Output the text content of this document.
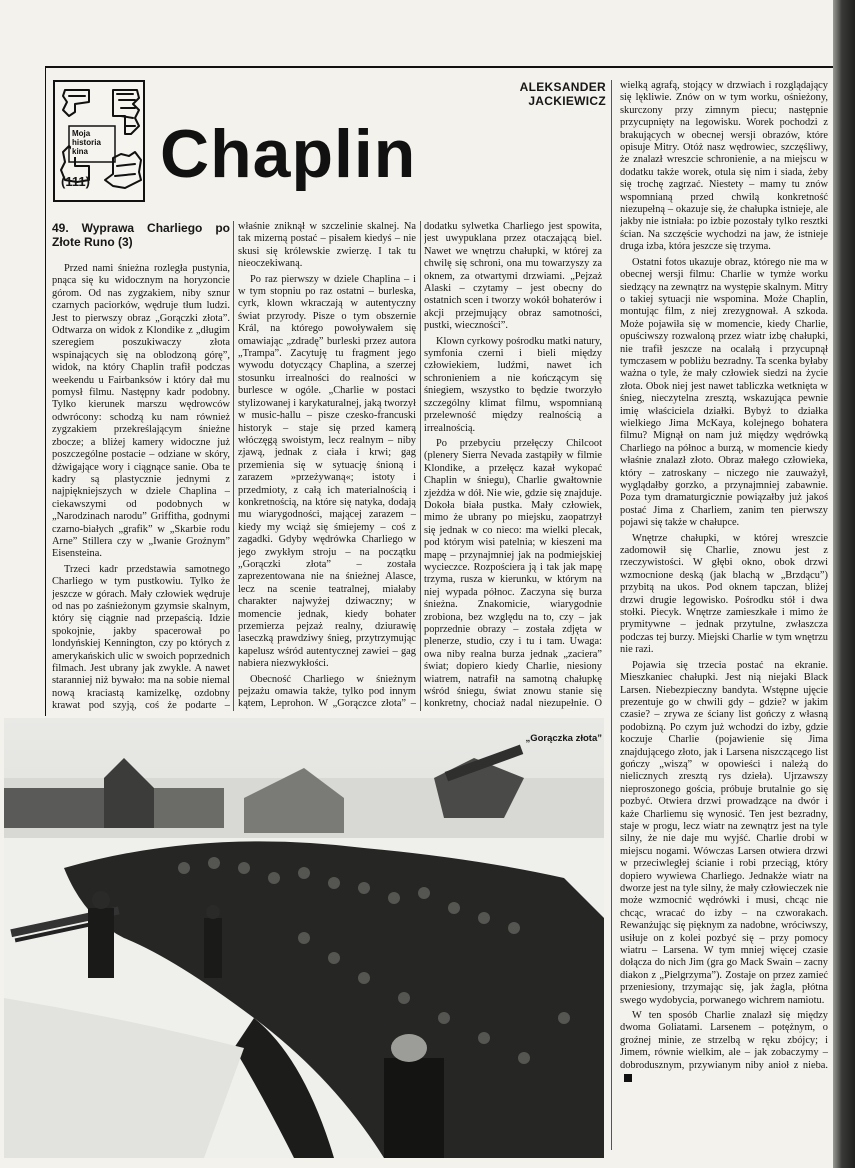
Moja historia kina
(111) Chaplin
ALEKSANDER
JACKIEWICZ
49. Wyprawa Charliego po Złote Runo (3)

Przed nami śnieżna rozległa pustynia, pnąca się ku widocznym na horyzoncie górom. Od nas zygzakiem, niby sznur czarnych paciorków, wędruje tłum ludzi. Jest to pierwszy obraz „Gorączki złota”. Odtwarza on widok z Klondike z „długim szeregiem poszukiwaczy złota wspinających się na oblodzoną górę”, widok, na który Chaplin trafił podczas weekendu u Fairbanksów i który dał mu pomysł filmu. Następny kadr podobny. Tylko kierunek marszu wędrowców odwrócony: schodzą ku nam również zygzakiem przekreślającym śnieżne zbocze; a bliżej kamery widoczne już poszczególne postacie – odziane w skóry, dźwigające wory i ciągnące sanie. Oba te kadry są plastycznie jednymi z najpiękniejszych w dziele Chaplina – ciekawszymi od podobnych w „Narodzinach narodu” Griffitha, godnymi czarno-białych „grafik” w „Skarbie rodu Arne” Stillera czy w „Iwanie Groźnym” Eisensteina.

Trzeci kadr przedstawia samotnego Charliego w tym pustkowiu. Tylko że jeszcze w górach. Mały człowiek wędruje od nas po zaśnieżonym gzymsie skalnym, który się ciągnie nad przepaścią. Idzie spokojnie, jakby spacerował po londyńskiej Kennington, czy po których z amerykańskich ulic w swoich poprzednich filmach. Jest ubrany jak zwykle. A nawet staranniej niż bywało: ma na sobie niemal nową kraciastą kamizelkę, ozdobny krawat pod szyją, coś że podarte –

właśnie zniknął w szczelinie skalnej. Na tak mizerną postać – pisałem kiedyś – nie skusi się królewskie zwierzę. I tak tu nieoczekiwaną.

Po raz pierwszy w dziele Chaplina – i w tym stopniu po raz ostatni – burleska, cyrk, klown wkraczają w autentyczny świat przyrody. Pisze o tym obszernie Král, na którego powoływałem się omawiając „zdradę” burleski przez autora „Trampa”. Zacytuję tu fragment jego wywodu dotyczący Chaplina, a szerzej stosunku irrealności do realności w burlesce w ogóle. „Charlie w postaci stylizowanej i karykaturalnej, jaką tworzył w music-hallu – pisze czesko-francuski historyk – staje się przed kamerą włóczęgą swoistym, lecz realnym – niby zjawą, jednak z ciała i krwi; gag przemienia się w sytuację śnioną i zarazem »przeżywaną«; istoty i przedmioty, z całą ich materialnością i konkretnością, na które się natyka, dodają mu wiarygodności, mającej zarazem – kiedy my wciąż się śmiejemy – coś z zagadki. Gdyby wędrówka Charliego w jego zwykłym stroju – na początku „Gorączki złota” – została zaprezentowana nie na śnieżnej Alasce, lecz na scenie teatralnej, miałaby charakter najwyżej dziwaczny; w momencie jednak, kiedy bohater przemierza pejzaż realny, dziurawię laseczką prawdziwy śnieg, przytrzymując kapelusz wśród autentycznej zawiei – gag nabiera niezwykłości.

Obecność Charliego w śnieżnym pejzażu omawia także, tylko pod innym kątem, Leprohon. W „Gorączce złota” –

dodatku sylwetka Charliego jest spowita, jest uwypuklana przez otaczającą biel. Nawet we wnętrzu chałupki, w której za chwilę się schroni, ona mu towarzyszy za oknem, za otwartymi drzwiami. „Pejzaż Alaski – czytamy – jest obecny do ostatnich scen i tworzy wokół bohaterów i akcji przejmujący obraz samotności, pustki, wieczności”.

Klown cyrkowy pośrodku matki natury, symfonia czerni i bieli między człowiekiem, ludźmi, nawet ich schronieniem a nie kończącym się śniegiem, wszystko to będzie tworzyło szczególny klimat filmu, wspomnianą przelewność między realnością a irrealnością.

Po przebyciu przełęczy Chilcoot (plenery Sierra Nevada zastąpiły w filmie Klondike, a przełęcz kazał wykopać Chaplin w śniegu), Charlie gwałtownie zjeżdża w dół. Nie wie, gdzie się znajduje. Dokoła biała pustka. Mały człowiek, mimo że ubrany po miejsku, zaopatrzył się jednak w co nieco: ma wielki plecak, pod którym wisi patelnia; w kieszeni ma mapę – przynajmniej jak na podmiejskiej wycieczce. Rozpościera ją i tak jak mapę trzyma, rusza w kierunku, w którym na niej wypada północ. Zaczyna się burza śnieżna. Znakomicie, wiarygodnie zrobiona, bez względu na to, czy – jak poprzednie obrazy – została zdjęta w plenerze, studio, czy i tu i tam. Uwaga: owa niby realna burza jednak „zaciera” świat; dopiero kiedy Charlie, niesiony wiatrem, natrafił na samotną chałupkę wśród śniegu, świat znowu stanie się konkretny, chociaż nadal niezupełnie. O

wielką agrafą, stojący w drzwiach i rozglądający się lękliwie. Znów on w tym worku, ośnieżony, skurczony przy zimnym piecu; następnie przycupnięty na legowisku. Worek pochodzi z brakujących w obecnej wersji obrazów, które opisuje Mitry. Otóż nasz wędrowiec, szczęśliwy, że znalazł wreszcie schronienie, a na miejscu w dodatku także worek, otula się nim i siada, żeby się trochę zagrzać. Niestety – mamy tu znów wspomnianą przed chwilą konkretność niezupełną – okazuje się, że chałupka istnieje, ale jakby nie istniała: po izbie pozostały tylko resztki ścian. Na szczęście wychodzi na jaw, że istnieje druga izba, która jeszcze się trzyma.

Ostatni fotos ukazuje obraz, którego nie ma w obecnej wersji filmu: Charlie w tymże worku siedzący na zewnątrz na występie skalnym. Mitry o takiej sytuacji nie wspomina. Może Chaplin, montując film, z niej zrezygnował. A szkoda. Może pojawiła się w momencie, kiedy Charlie, opuściwszy rozwaloną przez wiatr izbę chałupki, nie trafił jeszcze na ocalałą i przycupnął tymczasem w pobliżu bezradny. Ta scenka byłaby ważna o tyle, że mały człowiek siedzi na życie złota. Obok niej jest nawet tabliczka wetknięta w śnieg, nieczytelna zresztą, wskazująca pewnie imię właściciela działki. Bybyż to działka wielkiego Jima McKaya, kolejnego bohatera filmu? Mignął on nam już między wędrówką Charliego na północ a burzą, w momencie kiedy właśnie znalazł złoto. Obraz małego człowieka, który – zatroskany – niczego nie zauważył, wyglądałby gorzko, a przynajmniej zabawnie. Poza tym dramaturgicznie powiązałby już jakoś postać Jima z Charliem, zanim ten pierwszy pojawi się także w chałupce.

Wnętrze chałupki, w której wreszcie zadomowił się Charlie, znowu jest z rzeczywistości. W głębi okno, obok drzwi wzmocnione deską (jak blachą w „Brzdącu”) przybitą na ukos. Pod oknem tapczan, bliżej drzwi drugie legowisko. Pośrodku stół i dwa stołki. Piecyk. Wnętrze zamieszkałe i mimo że prymitywne – jednak przytulne, zwłaszcza podczas tej burzy. Miejski Charlie w tym wnętrzu nie razi.

Pojawia się trzecia postać na ekranie. Mieszkaniec chałupki. Jest nią niejaki Black Larsen. Niebezpieczny bandyta. Wstępne ujęcie prezentuje go w chwili gdy – gdzie? w jakim czasie? – zrywa ze ściany list gończy z własną podobizną. Po czym już wchodzi do izby, gdzie koczuje Charlie (pojawienie się Jima znajdującego złoto, jak i Larsena niszczącego list gończy „wiszą” w opowieści i należą do nielicznych zresztą rys dzieła). Ujrzawszy nieproszonego gościa, próbuje brutalnie go się pozbyć. Otwiera drzwi prowadzące na dwór i każe Charliemu się wynosić. Ten jest bezradny, staje w progu, lecz wiatr na zewnątrz jest na tyle silny, że nie daje mu wyjść. Charlie drobi w miejscu nogami. Wówczas Larsen otwiera drzwi w przeciwległej ścianie i robi przeciąg, który dopiero wywiewa Charliego. Jednakże wiatr na dworze jest na tyle silny, że mały człowieczek nie może wzmocnić wędrówki i musi, chcąc nie chcąc, wracać do izby – na czworakach. Rewanżując się pięknym za nadobne, wróciwszy, usiłuje on z kolei pozbyć się – przy pomocy wiatru – Larsena. W tym mniej więcej czasie dołącza do nich Jim (gra go Mack Swain – zacny diakon z „Pielgrzyma”). Zostaje on przez zamieć przeniesiony, trzymając się, jak żagla, płótna swego wydobycia, porwanego wichrem namiotu.

W ten sposób Charlie znalazł się między dwoma Goliatami. Larsenem – potężnym, o groźnej minie, ze strzelbą w ręku zbójcy; i Jimem, równie wielkim, ale – jak zobaczymy – dobrodusznym, przywianym niby anioł z nieba.

„Gorączka złota”
